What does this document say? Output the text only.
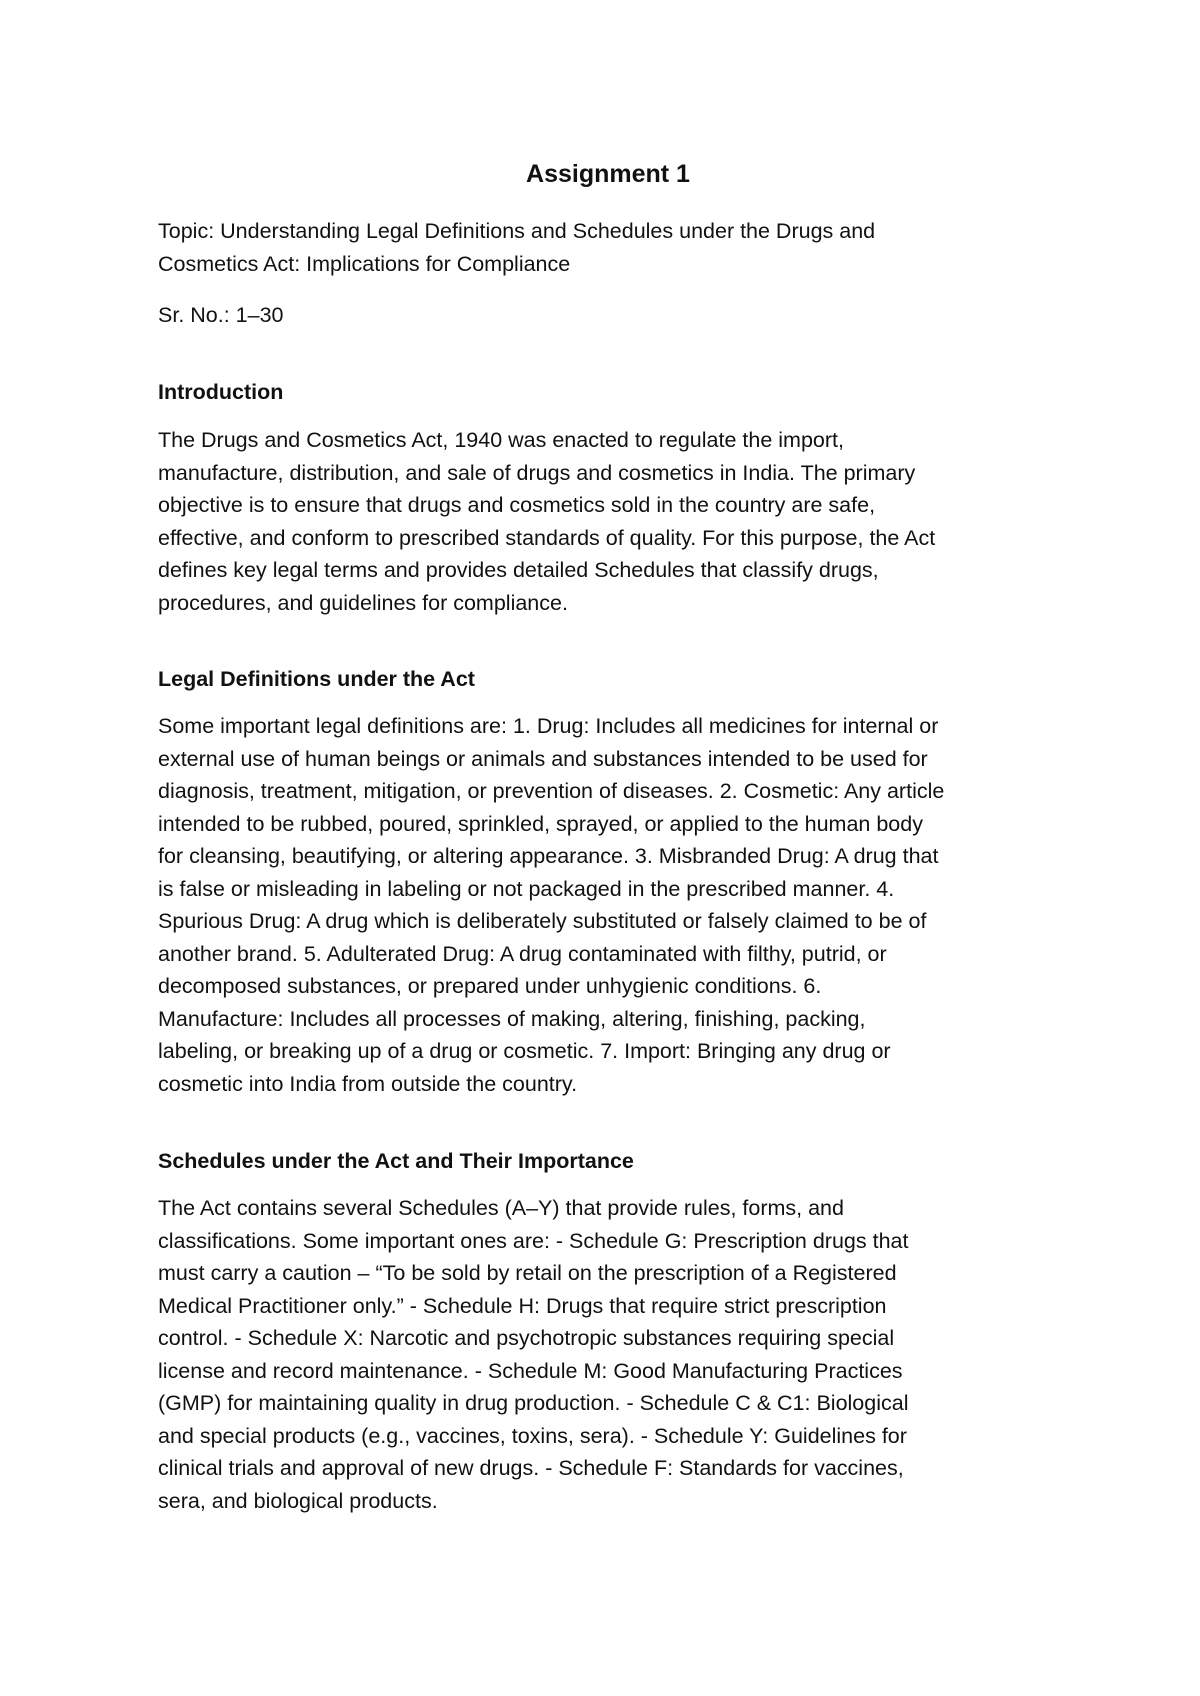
Assignment 1

Topic: Understanding Legal Definitions and Schedules under the Drugs and
Cosmetics Act: Implications for Compliance

Sr. No.: 1–30

Introduction

The Drugs and Cosmetics Act, 1940 was enacted to regulate the import,
manufacture, distribution, and sale of drugs and cosmetics in India. The primary
objective is to ensure that drugs and cosmetics sold in the country are safe,
effective, and conform to prescribed standards of quality. For this purpose, the Act
defines key legal terms and provides detailed Schedules that classify drugs,
procedures, and guidelines for compliance.

Legal Definitions under the Act

Some important legal definitions are: 1. Drug: Includes all medicines for internal or
external use of human beings or animals and substances intended to be used for
diagnosis, treatment, mitigation, or prevention of diseases. 2. Cosmetic: Any article
intended to be rubbed, poured, sprinkled, sprayed, or applied to the human body
for cleansing, beautifying, or altering appearance. 3. Misbranded Drug: A drug that
is false or misleading in labeling or not packaged in the prescribed manner. 4.
Spurious Drug: A drug which is deliberately substituted or falsely claimed to be of
another brand. 5. Adulterated Drug: A drug contaminated with filthy, putrid, or
decomposed substances, or prepared under unhygienic conditions. 6.
Manufacture: Includes all processes of making, altering, finishing, packing,
labeling, or breaking up of a drug or cosmetic. 7. Import: Bringing any drug or
cosmetic into India from outside the country.

Schedules under the Act and Their Importance

The Act contains several Schedules (A–Y) that provide rules, forms, and
classifications. Some important ones are: - Schedule G: Prescription drugs that
must carry a caution – “To be sold by retail on the prescription of a Registered
Medical Practitioner only.” - Schedule H: Drugs that require strict prescription
control. - Schedule X: Narcotic and psychotropic substances requiring special
license and record maintenance. - Schedule M: Good Manufacturing Practices
(GMP) for maintaining quality in drug production. - Schedule C & C1: Biological
and special products (e.g., vaccines, toxins, sera). - Schedule Y: Guidelines for
clinical trials and approval of new drugs. - Schedule F: Standards for vaccines,
sera, and biological products.
